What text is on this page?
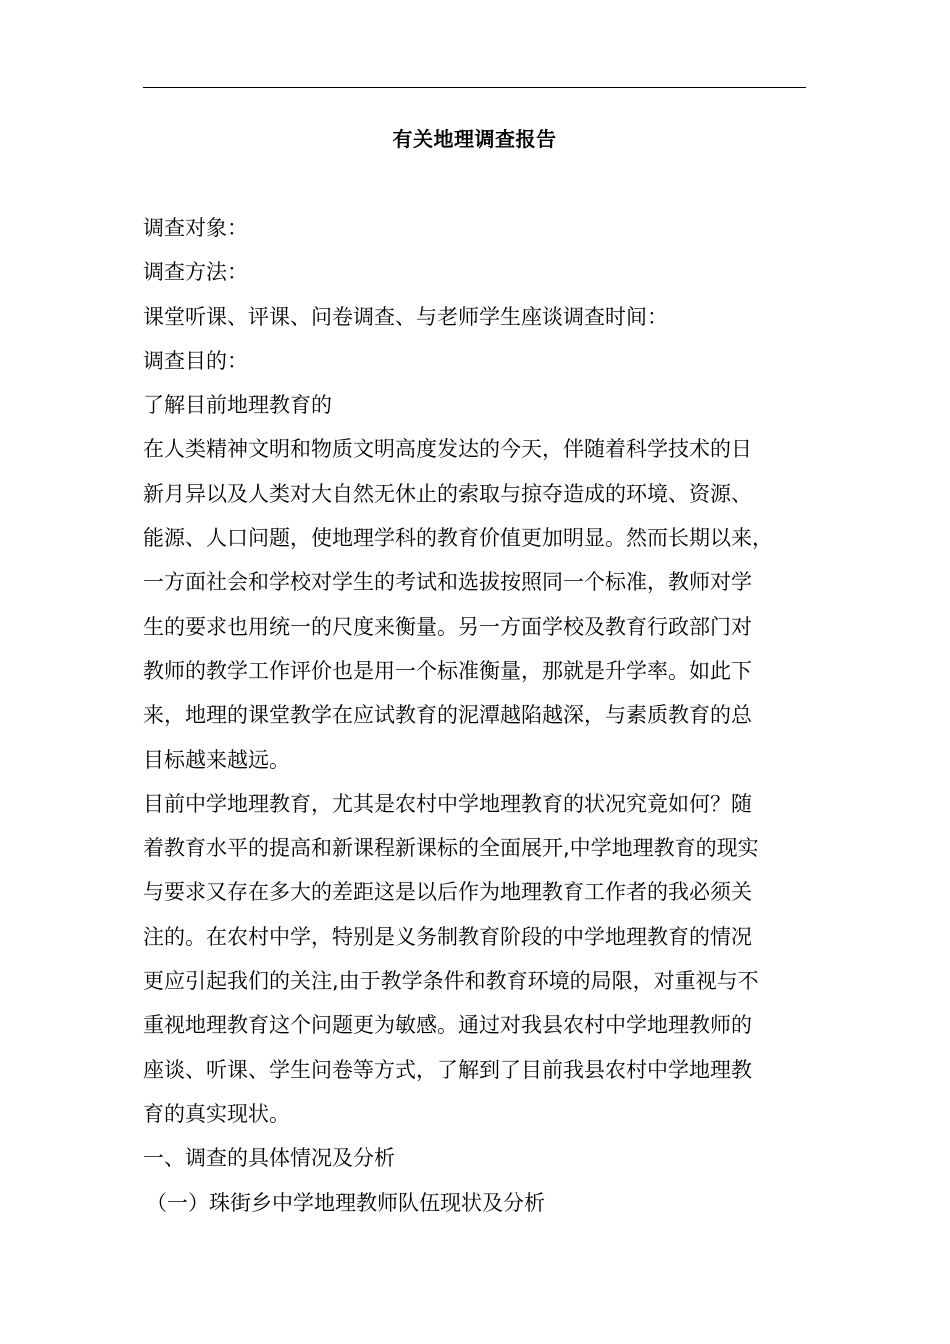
有关地理调查报告
调查对象：
调查方法：
课堂听课、评课、问卷调查、与老师学生座谈调查时间：
调查目的：
了解目前地理教育的
在人类精神文明和物质文明高度发达的今天，伴随着科学技术的日
新月异以及人类对大自然无休止的索取与掠夺造成的环境、资源、
能源、人口问题，使地理学科的教育价值更加明显。然而长期以来，
一方面社会和学校对学生的考试和选拔按照同一个标准，教师对学
生的要求也用统一的尺度来衡量。另一方面学校及教育行政部门对
教师的教学工作评价也是用一个标准衡量，那就是升学率。如此下
来，地理的课堂教学在应试教育的泥潭越陷越深，与素质教育的总
目标越来越远。
目前中学地理教育，尤其是农村中学地理教育的状况究竟如何？随
着教育水平的提高和新课程新课标的全面展开,中学地理教育的现实
与要求又存在多大的差距这是以后作为地理教育工作者的我必须关
注的。在农村中学，特别是义务制教育阶段的中学地理教育的情况
更应引起我们的关注,由于教学条件和教育环境的局限，对重视与不
重视地理教育这个问题更为敏感。通过对我县农村中学地理教师的
座谈、听课、学生问卷等方式，了解到了目前我县农村中学地理教
育的真实现状。
一、调查的具体情况及分析
（一）珠街乡中学地理教师队伍现状及分析
